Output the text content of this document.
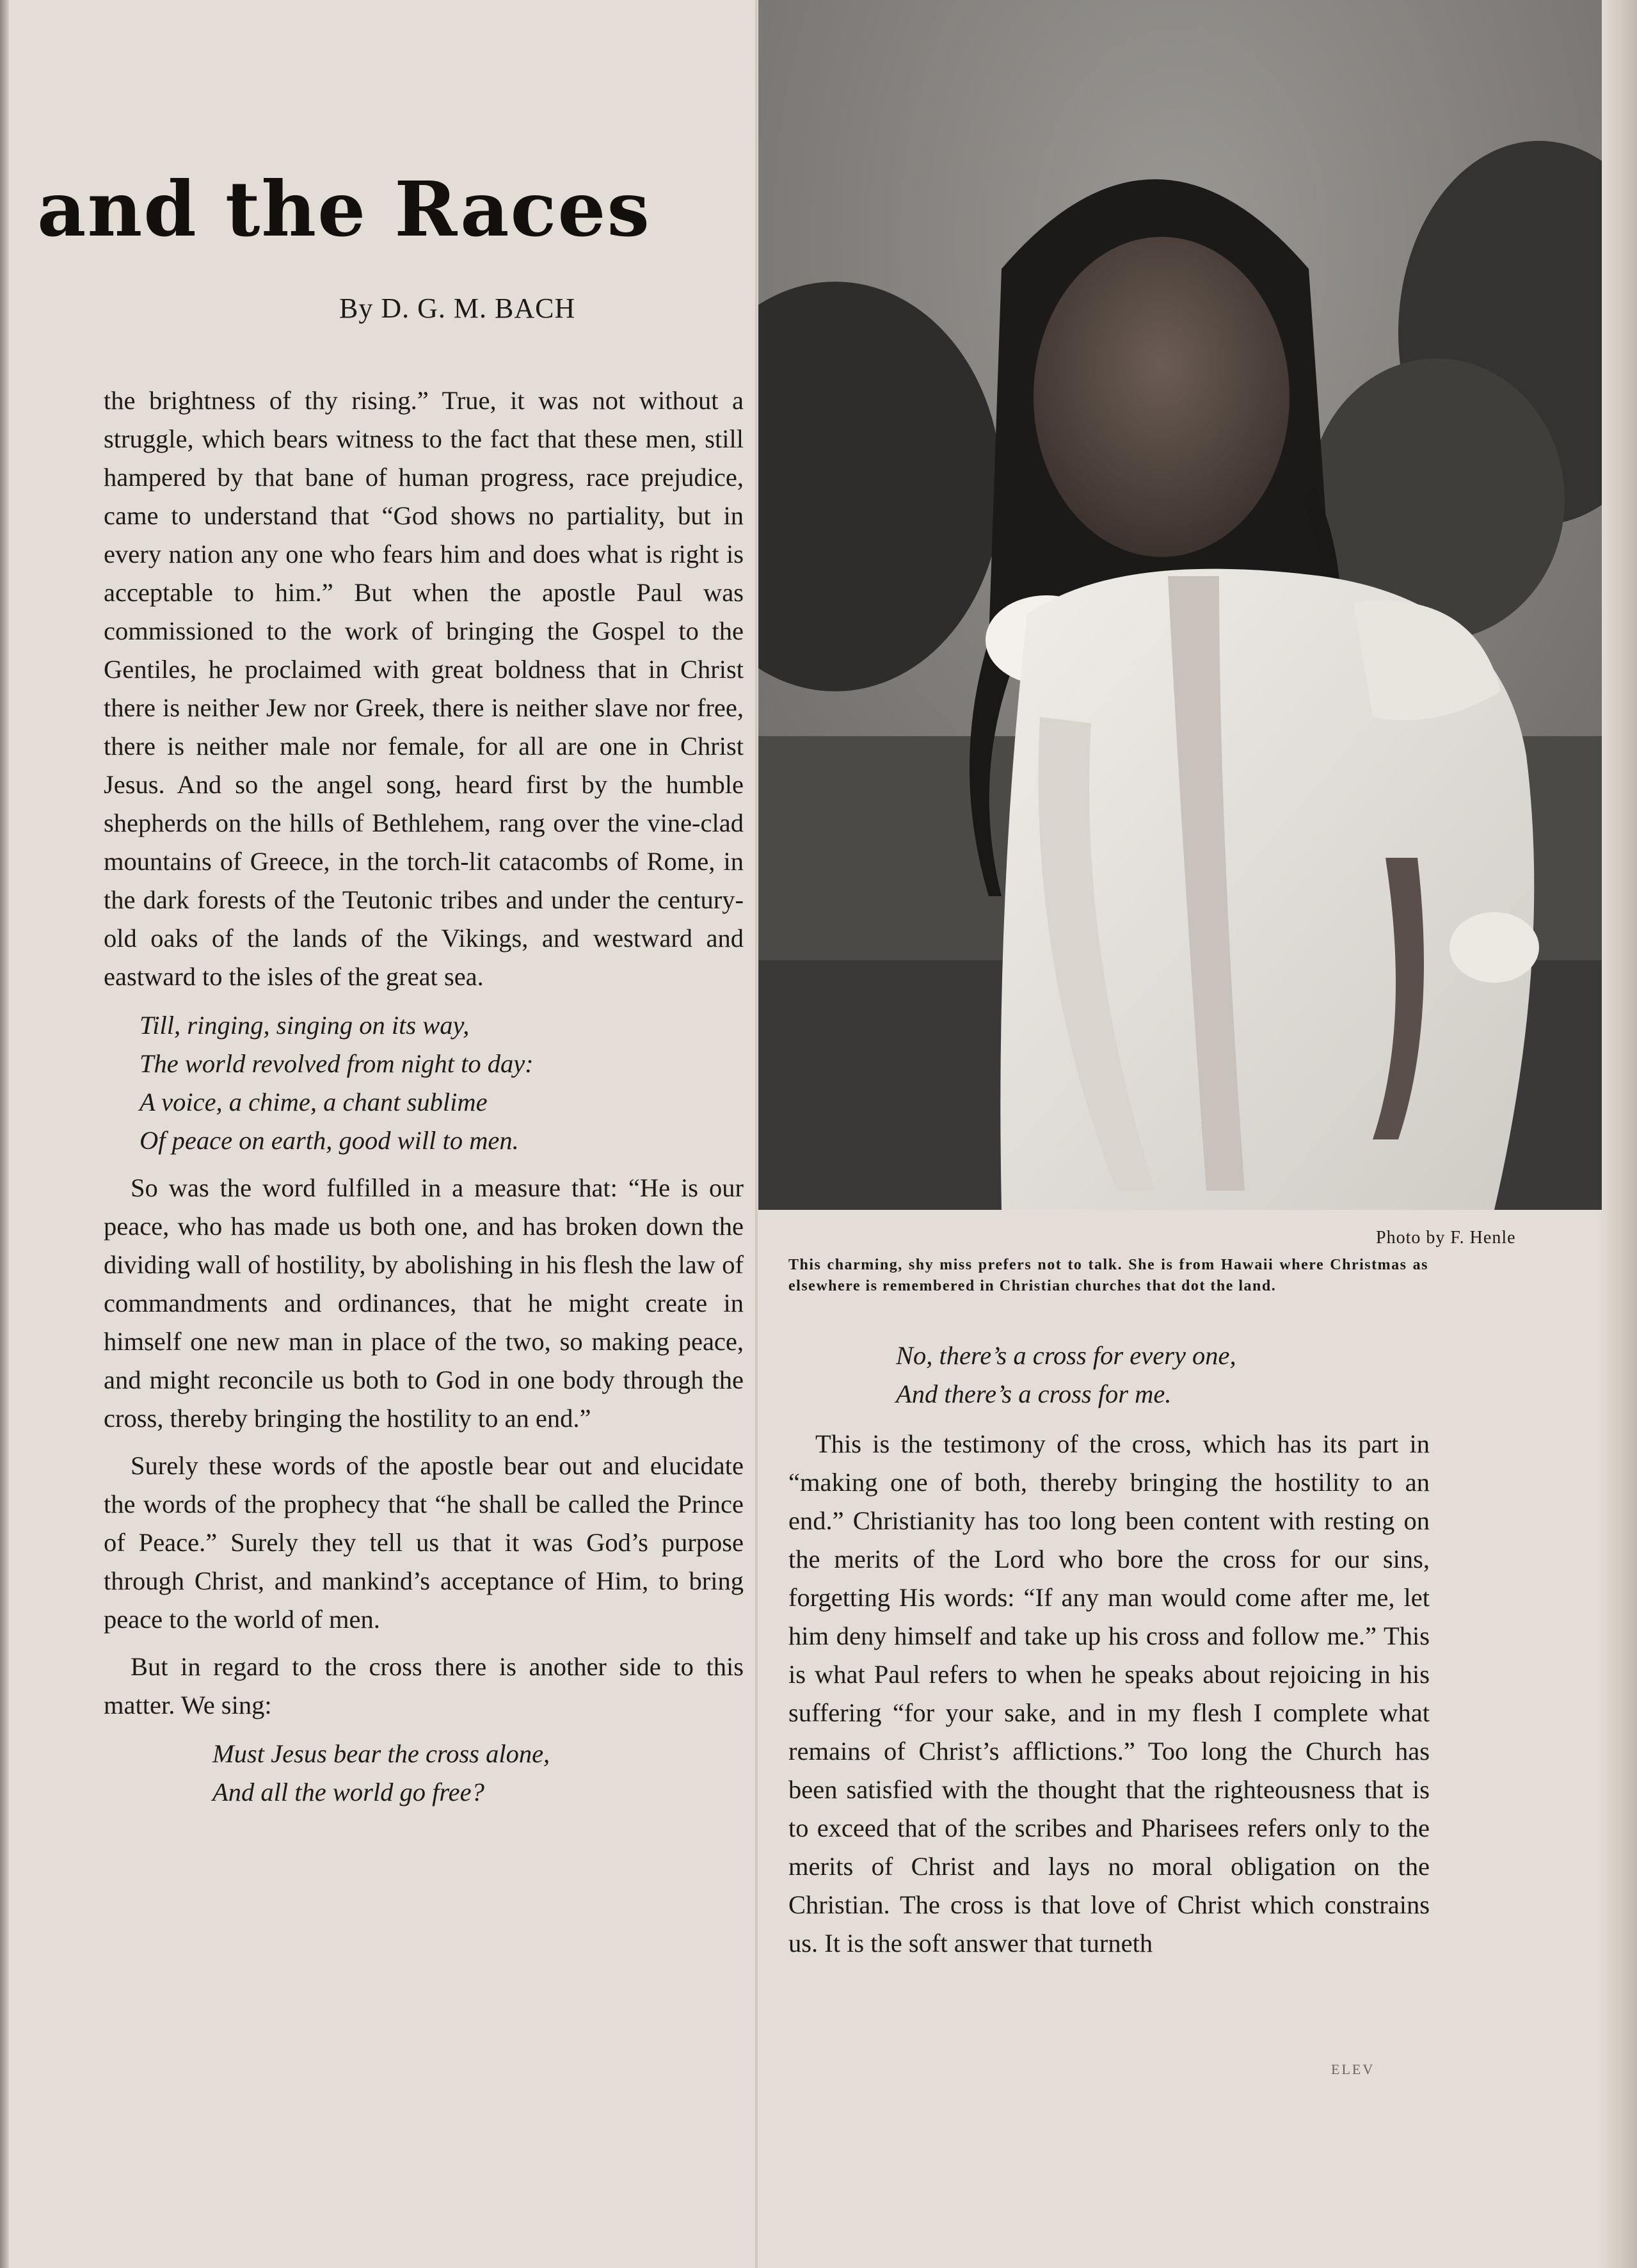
and the Races

By D. G. M. BACH

the brightness of thy rising.” True, it was not without a struggle, which bears witness to the fact that these men, still hampered by that bane of human progress, race prejudice, came to understand that “God shows no partiality, but in every nation any one who fears him and does what is right is acceptable to him.” But when the apostle Paul was commissioned to the work of bringing the Gospel to the Gentiles, he proclaimed with great boldness that in Christ there is neither Jew nor Greek, there is neither slave nor free, there is neither male nor female, for all are one in Christ Jesus. And so the angel song, heard first by the humble shepherds on the hills of Bethlehem, rang over the vine-clad mountains of Greece, in the torch-lit catacombs of Rome, in the dark forests of the Teutonic tribes and under the century-old oaks of the lands of the Vikings, and westward and eastward to the isles of the great sea.

Till, ringing, singing on its way,
The world revolved from night to day:
A voice, a chime, a chant sublime
Of peace on earth, good will to men.

So was the word fulfilled in a measure that: “He is our peace, who has made us both one, and has broken down the dividing wall of hostility, by abolishing in his flesh the law of commandments and ordinances, that he might create in himself one new man in place of the two, so making peace, and might reconcile us both to God in one body through the cross, thereby bringing the hostility to an end.”

Surely these words of the apostle bear out and elucidate the words of the prophecy that “he shall be called the Prince of Peace.” Surely they tell us that it was God’s purpose through Christ, and mankind’s acceptance of Him, to bring peace to the world of men.

But in regard to the cross there is another side to this matter. We sing:

Must Jesus bear the cross alone,
And all the world go free?

Photo by F. Henle

This charming, shy miss prefers not to talk. She is from Hawaii where Christmas as elsewhere is remembered in Christian churches that dot the land.

No, there’s a cross for every one,
And there’s a cross for me.

This is the testimony of the cross, which has its part in “making one of both, thereby bringing the hostility to an end.” Christianity has too long been content with resting on the merits of the Lord who bore the cross for our sins, forgetting His words: “If any man would come after me, let him deny himself and take up his cross and follow me.” This is what Paul refers to when he speaks about rejoicing in his suffering “for your sake, and in my flesh I complete what remains of Christ’s afflictions.” Too long the Church has been satisfied with the thought that the righteousness that is to exceed that of the scribes and Pharisees refers only to the merits of Christ and lays no moral obligation on the Christian. The cross is that love of Christ which constrains us. It is the soft answer that turneth

ELEV
